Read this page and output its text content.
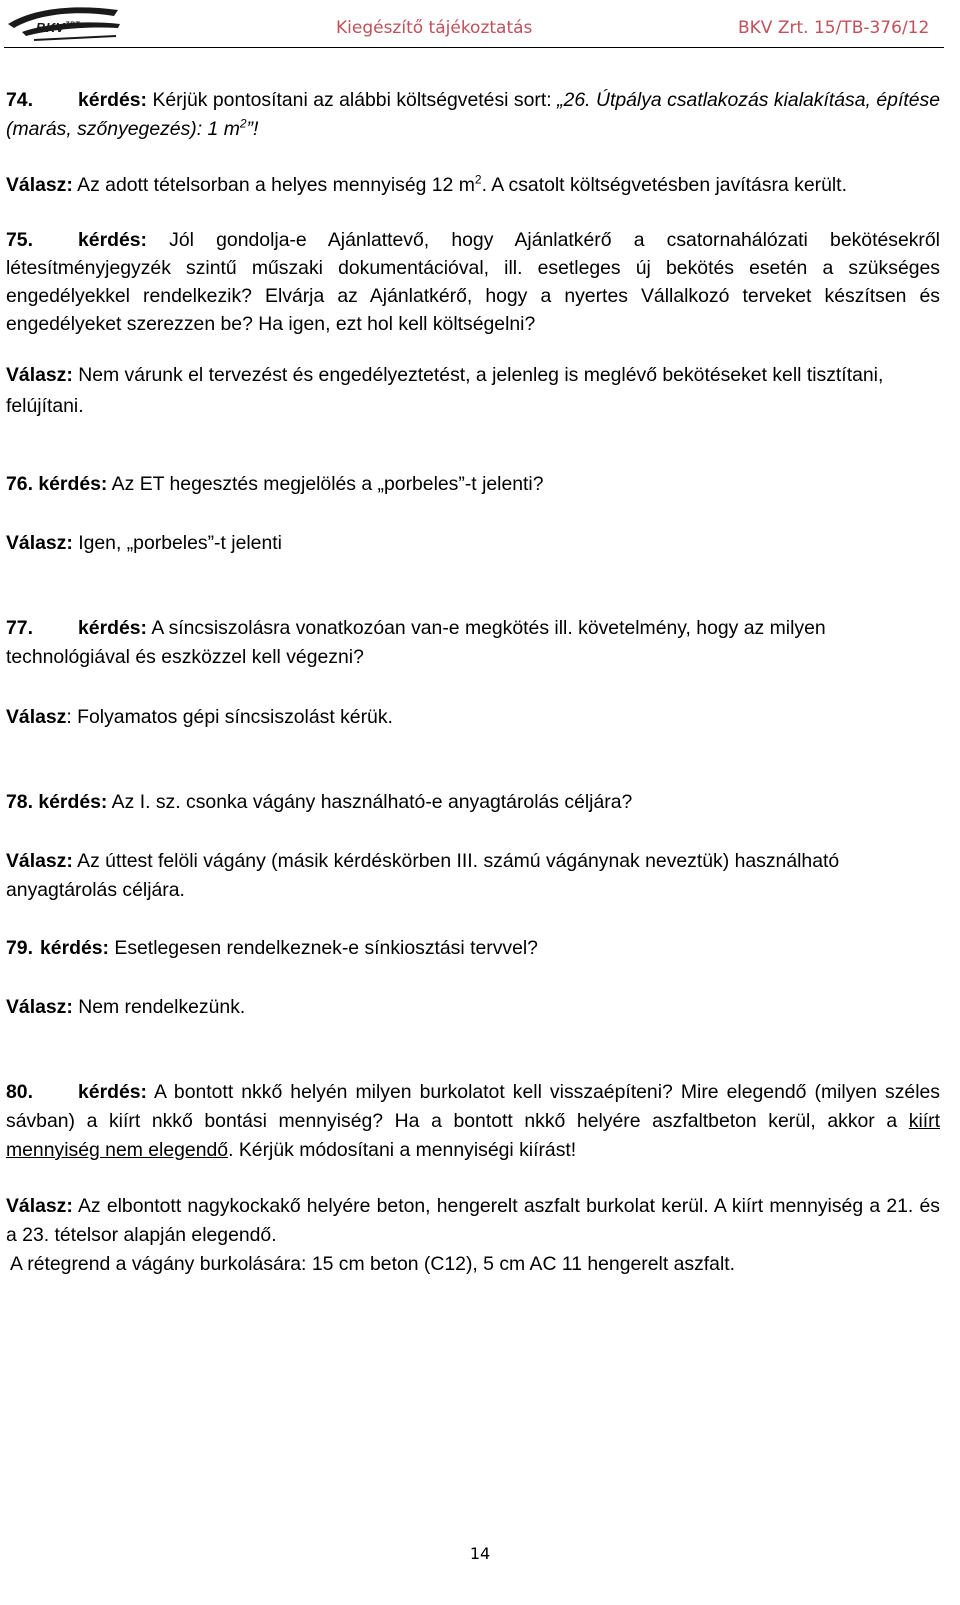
$BKV^{ZRT}$	Kiegészítő tájékoztatás	BKV Zrt. 15/TB-376/12

74. kérdés: Kérjük pontosítani az alábbi költségvetési sort: „26. Útpálya csatlakozás kialakítása, építése (marás, szőnyegezés): 1 $m^2$”!

Válasz: Az adott tételsorban a helyes mennyiség 12 $m^2$. A csatolt költségvetésben javításra került.

75. kérdés: Jól gondolja-e Ajánlattevő, hogy Ajánlatkérő a csatornahálózati bekötésekről létesítményjegyzék szintű műszaki dokumentációval, ill. esetleges új bekötés esetén a szükséges engedélyekkel rendelkezik? Elvárja az Ajánlatkérő, hogy a nyertes Vállalkozó terveket készítsen és engedélyeket szerezzen be? Ha igen, ezt hol kell költségelni?

Válasz: Nem várunk el tervezést és engedélyeztetést, a jelenleg is meglévő bekötéseket kell tisztítani, felújítani.

76. kérdés: Az ET hegesztés megjelölés a „porbeles”-t jelenti?

Válasz: Igen, „porbeles”-t jelenti

77. kérdés: A síncsiszolásra vonatkozóan van-e megkötés ill. követelmény, hogy az milyen technológiával és eszközzel kell végezni?

Válasz: Folyamatos gépi síncsiszolást kérük.

78. kérdés: Az I. sz. csonka vágány használható-e anyagtárolás céljára?

Válasz: Az úttest felöli vágány (másik kérdéskörben III. számú vágánynak neveztük) használható anyagtárolás céljára.

79. kérdés: Esetlegesen rendelkeznek-e sínkiosztási tervvel?

Válasz: Nem rendelkezünk.

80. kérdés: A bontott nkkő helyén milyen burkolatot kell visszaépíteni? Mire elegendő (milyen széles sávban) a kiírt nkkő bontási mennyiség? Ha a bontott nkkő helyére aszfaltbeton kerül, akkor a kiírt mennyiség nem elegendő. Kérjük módosítani a mennyiségi kiírást!

Válasz: Az elbontott nagykockakő helyére beton, hengerelt aszfalt burkolat kerül. A kiírt mennyiség a 21. és a 23. tételsor alapján elegendő.

A rétegrend a vágány burkolására: 15 cm beton (C12), 5 cm AC 11 hengerelt aszfalt.

14
